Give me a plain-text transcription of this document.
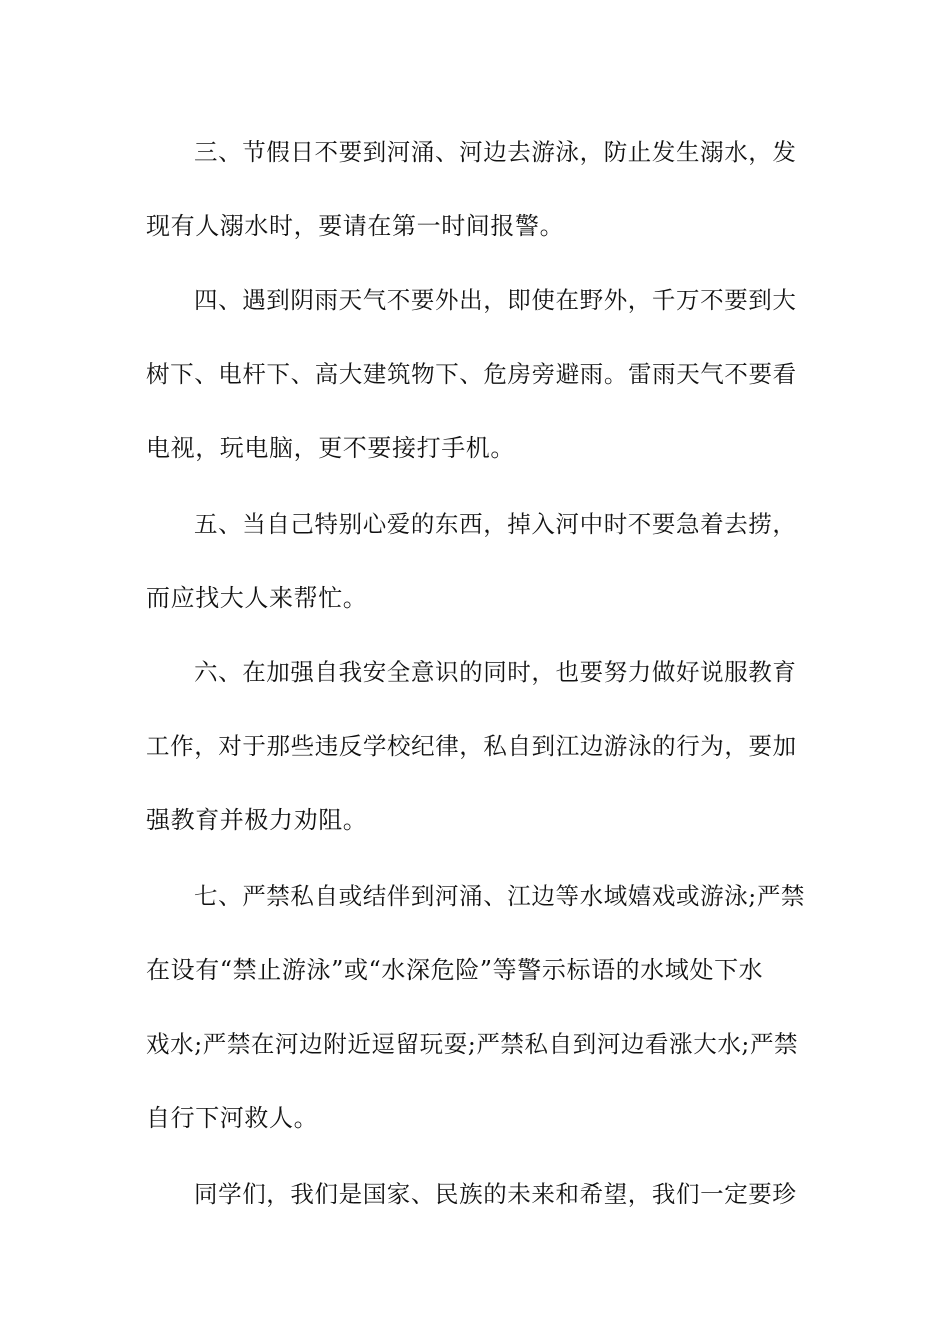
三、节假日不要到河涌、河边去游泳，防止发生溺水，发
现有人溺水时，要请在第一时间报警。
四、遇到阴雨天气不要外出，即使在野外，千万不要到大
树下、电杆下、高大建筑物下、危房旁避雨。雷雨天气不要看
电视，玩电脑，更不要接打手机。
五、当自己特别心爱的东西，掉入河中时不要急着去捞，
而应找大人来帮忙。
六、在加强自我安全意识的同时，也要努力做好说服教育
工作，对于那些违反学校纪律，私自到江边游泳的行为，要加
强教育并极力劝阻。
七、严禁私自或结伴到河涌、江边等水域嬉戏或游泳;严禁
在设有“禁止游泳”或“水深危险”等警示标语的水域处下水
戏水;严禁在河边附近逗留玩耍;严禁私自到河边看涨大水;严禁
自行下河救人。
同学们，我们是国家、民族的未来和希望，我们一定要珍
